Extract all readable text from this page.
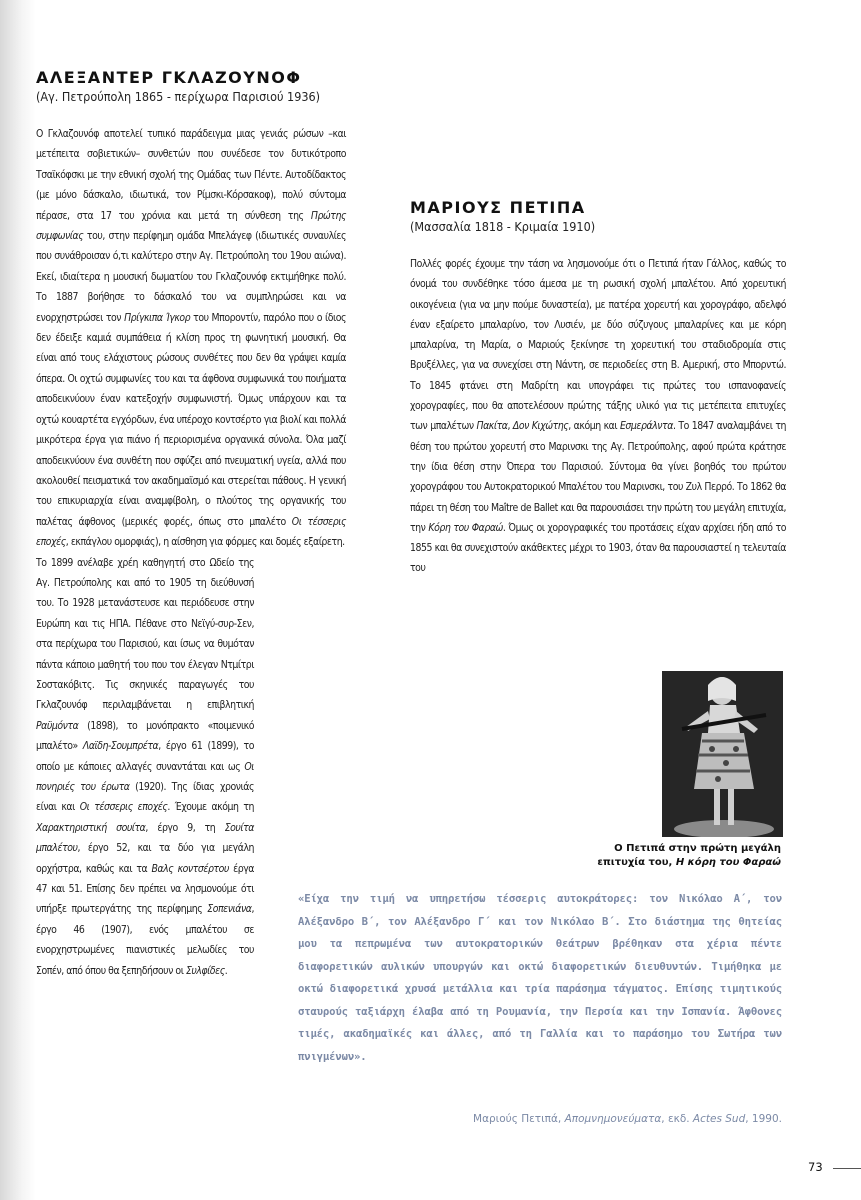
ΑΛΕΞΑΝΤΕΡ ΓΚΛΑΖΟΥΝΟΦ
(Αγ. Πετρούπολη 1865 - περίχωρα Παρισιού 1936)

Ο Γκλαζουνόφ αποτελεί τυπικό παράδειγμα μιας γενιάς ρώσων –και μετέπειτα σοβιετικών– συνθετών που συνέδεσε τον δυτικότροπο Τσαϊκόφσκι με την εθνική σχολή της Ομάδας των Πέντε. Αυτοδίδακτος (με μόνο δάσκαλο, ιδιωτικά, τον Ρίμσκι-Κόρσακοφ), πολύ σύντομα πέρασε, στα 17 του χρόνια και μετά τη σύνθεση της Πρώτης συμφωνίας του, στην περίφημη ομάδα Μπελάγεφ (ιδιωτικές συναυλίες που συνάθροισαν ό,τι καλύτερο στην Αγ. Πετρούπολη του 19ου αιώνα). Εκεί, ιδιαίτερα η μουσική δωματίου του Γκλαζουνόφ εκτιμήθηκε πολύ. Το 1887 βοήθησε το δάσκαλό του να συμπληρώσει και να ενορχηστρώσει τον Πρίγκιπα Ίγκορ του Μποροντίν, παρόλο που ο ίδιος δεν έδειξε καμιά συμπάθεια ή κλίση προς τη φωνητική μουσική. Θα είναι από τους ελάχιστους ρώσους συνθέτες που δεν θα γράψει καμία όπερα. Οι οχτώ συμφωνίες του και τα άφθονα συμφωνικά του ποιήματα αποδεικνύουν έναν κατεξοχήν συμφωνιστή. Όμως υπάρχουν και τα οχτώ κουαρτέτα εγχόρδων, ένα υπέροχο κοντσέρτο για βιολί και πολλά μικρότερα έργα για πιάνο ή περιορισμένα οργανικά σύνολα. Όλα μαζί αποδεικνύουν ένα συνθέτη που σφύζει από πνευματική υγεία, αλλά που ακολουθεί πεισματικά τον ακαδημαϊσμό και στερείται πάθους. Η γενική του επικυριαρχία είναι αναμφίβολη, ο πλούτος της οργανικής του παλέτας άφθονος (μερικές φορές, όπως στο μπαλέτο Οι τέσσερις εποχές, εκπάγλου ομορφιάς), η αίσθηση για φόρμες και δομές εξαίρετη.

Το 1899 ανέλαβε χρέη καθηγητή στο Ωδείο της Αγ. Πετρούπολης και από το 1905 τη διεύθυνσή του. Το 1928 μετανάστευσε και περιόδευσε στην Ευρώπη και τις ΗΠΑ. Πέθανε στο Νεϊγύ-συρ-Σεν, στα περίχωρα του Παρισιού, και ίσως να θυμόταν πάντα κάποιο μαθητή του που τον έλεγαν Ντμίτρι Σοστακόβιτς. Τις σκηνικές παραγωγές του Γκλαζουνόφ περιλαμβάνεται η επιβλητική Ραϋμόντα (1898), το μονόπρακτο «ποιμενικό μπαλέτο» Λαϊδη-Σουμπρέτα, έργο 61 (1899), το οποίο με κάποιες αλλαγές συναντάται και ως Οι πονηριές του έρωτα (1920). Της ίδιας χρονιάς είναι και Οι τέσσερις εποχές. Έχουμε ακόμη τη Χαρακτηριστική σουίτα, έργο 9, τη Σουίτα μπαλέτου, έργο 52, και τα δύο για μεγάλη ορχήστρα, καθώς και τα Βαλς κοντσέρτου έργα 47 και 51. Επίσης δεν πρέπει να λησμονούμε ότι υπήρξε πρωτεργάτης της περίφημης Σοπενιάνα, έργο 46 (1907), ενός μπαλέτου σε ενορχηστρωμένες πιανιστικές μελωδίες του Σοπέν, από όπου θα ξεπηδήσουν οι Συλφίδες.

ΜΑΡΙΟΥΣ ΠΕΤΙΠΑ
(Μασσαλία 1818 - Κριμαία 1910)

Πολλές φορές έχουμε την τάση να λησμονούμε ότι ο Πετιπά ήταν Γάλλος, καθώς το όνομά του συνδέθηκε τόσο άμεσα με τη ρωσική σχολή μπαλέτου. Από χορευτική οικογένεια (για να μην πούμε δυναστεία), με πατέρα χορευτή και χορογράφο, αδελφό έναν εξαίρετο μπαλαρίνο, τον Λυσιέν, με δύο σύζυγους μπαλαρίνες και με κόρη μπαλαρίνα, τη Μαρία, ο Μαριούς ξεκίνησε τη χορευτική του σταδιοδρομία στις Βρυξέλλες, για να συνεχίσει στη Νάντη, σε περιοδείες στη Β. Αμερική, στο Μπορντώ. Το 1845 φτάνει στη Μαδρίτη και υπογράφει τις πρώτες του ισπανοφανείς χορογραφίες, που θα αποτελέσουν πρώτης τάξης υλικό για τις μετέπειτα επιτυχίες των μπαλέτων Πακίτα, Δον Κιχώτης, ακόμη και Εσμεράλντα. Το 1847 αναλαμβάνει τη θέση του πρώτου χορευτή στο Μαρινσκι της Αγ. Πετρούπολης, αφού πρώτα κράτησε την ίδια θέση στην Όπερα του Παρισιού. Σύντομα θα γίνει βοηθός του πρώτου χορογράφου του Αυτοκρατορικού Μπαλέτου του Μαρινσκι, του Ζυλ Περρό. Το 1862 θα πάρει τη θέση του Maître de Ballet και θα παρουσιάσει την πρώτη του μεγάλη επιτυχία, την Κόρη του Φαραώ. Όμως οι χορογραφικές του προτάσεις είχαν αρχίσει ήδη από το 1855 και θα συνεχιστούν ακάθεκτες μέχρι το 1903, όταν θα παρουσιαστεί η τελευταία του

Ο Πετιπά στην πρώτη μεγάλη
επιτυχία του, Η κόρη του Φαραώ
«Είχα την τιμή να υπηρετήσω τέσσερις αυτοκράτορες: τον Νικόλαο Α΄, τον Αλέξανδρο Β΄, τον Αλέξανδρο Γ΄ και τον Νικόλαο Β΄. Στο διάστημα της θητείας μου τα πεπρωμένα των αυτοκρατορικών θεάτρων βρέθηκαν στα χέρια πέντε διαφορετικών αυλικών υπουργών και οκτώ διαφορετικών διευθυντών. Τιμήθηκα με οκτώ διαφορετικά χρυσά μετάλλια και τρία παράσημα τάγματος. Επίσης τιμητικούς σταυρούς ταξιάρχη έλαβα από τη Ρουμανία, την Περσία και την Ισπανία. Άφθονες τιμές, ακαδημαϊκές και άλλες, από τη Γαλλία και το παράσημο του Σωτήρα των πνιγμένων».
Μαριούς Πετιπά, Απομνημονεύματα, εκδ. Actes Sud, 1990.
73
